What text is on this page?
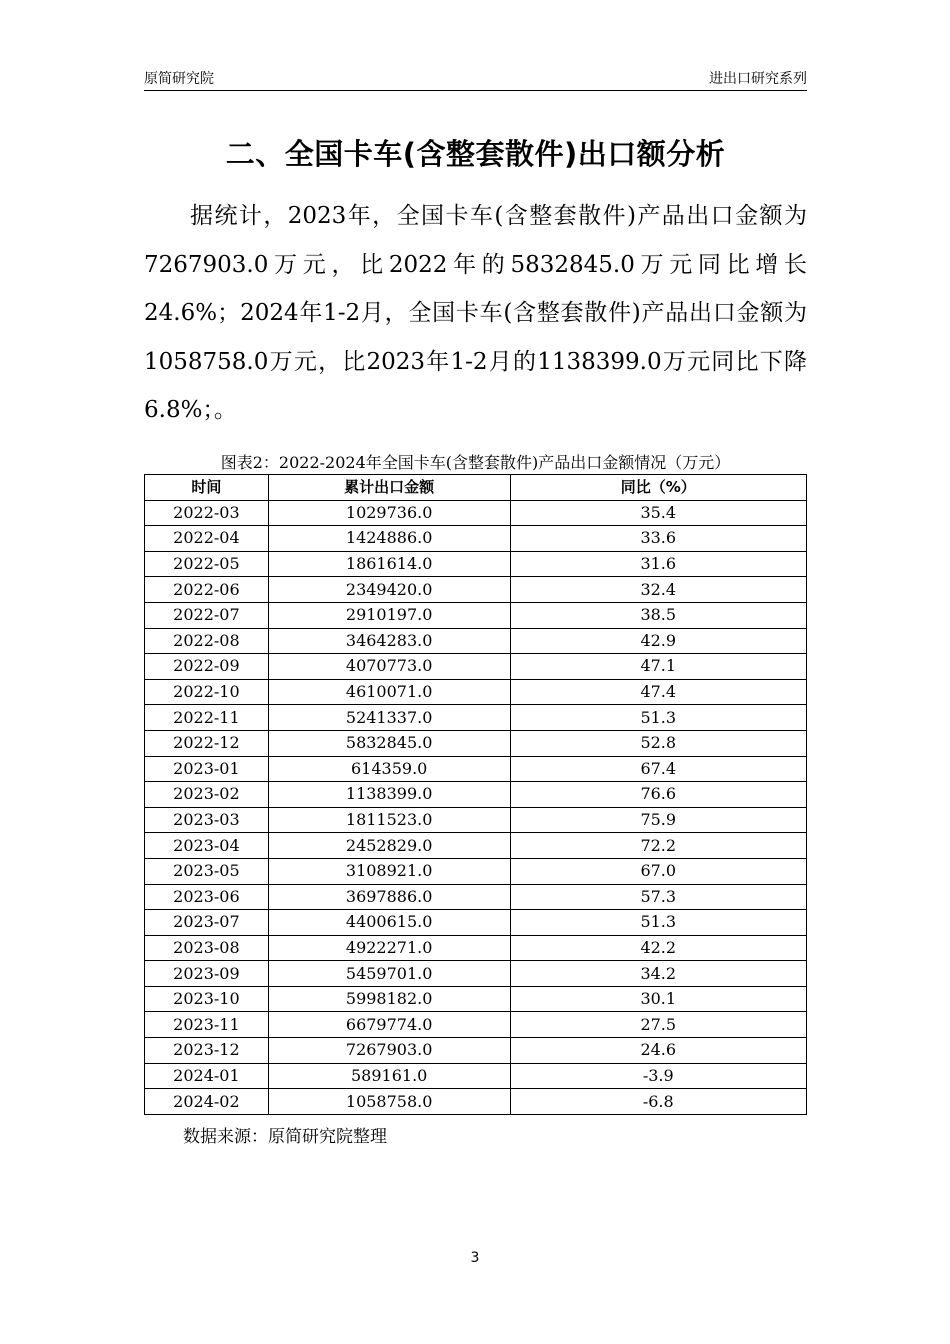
原简研究院	进出口研究系列
二、全国卡车(含整套散件)出口额分析

据统计，2023年，全国卡车(含整套散件)产品出口金额为7267903.0万元，比2022年的5832845.0万元同比增长24.6%；2024年1-2月，全国卡车(含整套散件)产品出口金额为1058758.0万元，比2023年1-2月的1138399.0万元同比下降6.8%；。

图表2：2022-2024年全国卡车(含整套散件)产品出口金额情况（万元）
时间	累计出口金额	同比（%）
2022-03	1029736.0	35.4
2022-04	1424886.0	33.6
2022-05	1861614.0	31.6
2022-06	2349420.0	32.4
2022-07	2910197.0	38.5
2022-08	3464283.0	42.9
2022-09	4070773.0	47.1
2022-10	4610071.0	47.4
2022-11	5241337.0	51.3
2022-12	5832845.0	52.8
2023-01	614359.0	67.4
2023-02	1138399.0	76.6
2023-03	1811523.0	75.9
2023-04	2452829.0	72.2
2023-05	3108921.0	67.0
2023-06	3697886.0	57.3
2023-07	4400615.0	51.3
2023-08	4922271.0	42.2
2023-09	5459701.0	34.2
2023-10	5998182.0	30.1
2023-11	6679774.0	27.5
2023-12	7267903.0	24.6
2024-01	589161.0	-3.9
2024-02	1058758.0	-6.8
数据来源：原简研究院整理
3
